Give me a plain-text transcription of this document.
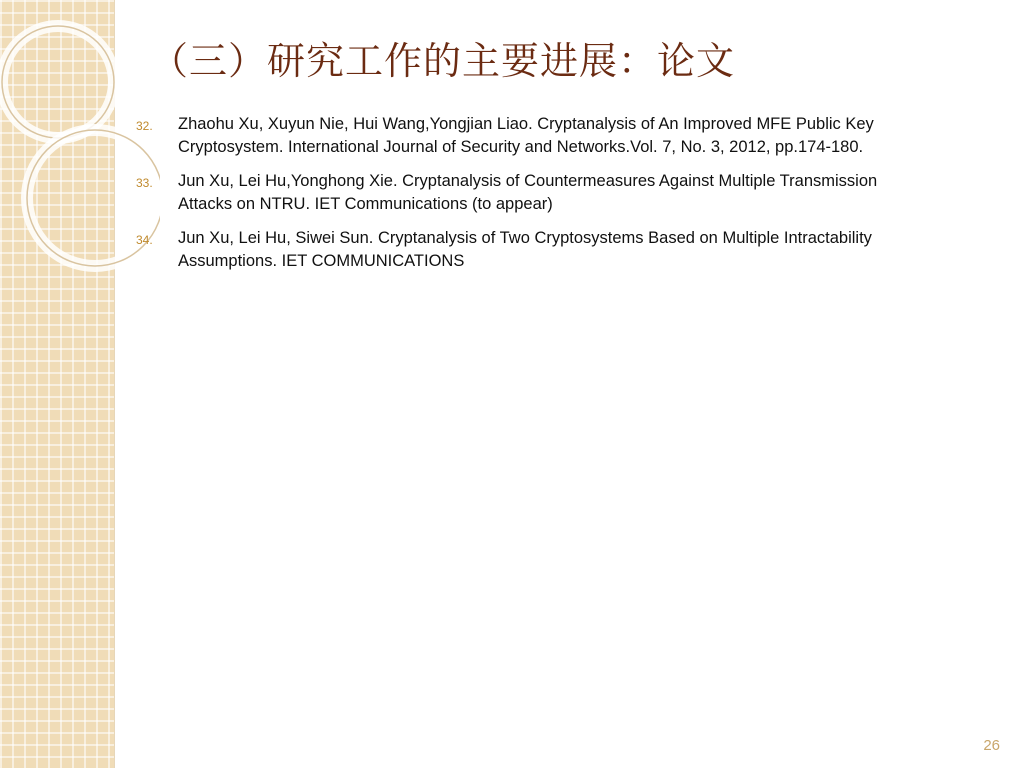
（三）研究工作的主要进展：论文
32.	Zhaohu Xu, Xuyun Nie, Hui Wang,Yongjian Liao. Cryptanalysis of An Improved MFE Public Key Cryptosystem. International Journal of Security and Networks.Vol. 7, No. 3, 2012, pp.174-180.
33.	Jun Xu, Lei Hu,Yonghong Xie. Cryptanalysis of Countermeasures Against Multiple Transmission Attacks on NTRU. IET Communications (to appear)
34.	Jun Xu, Lei Hu, Siwei Sun. Cryptanalysis of Two Cryptosystems Based on Multiple Intractability Assumptions. IET COMMUNICATIONS
26
